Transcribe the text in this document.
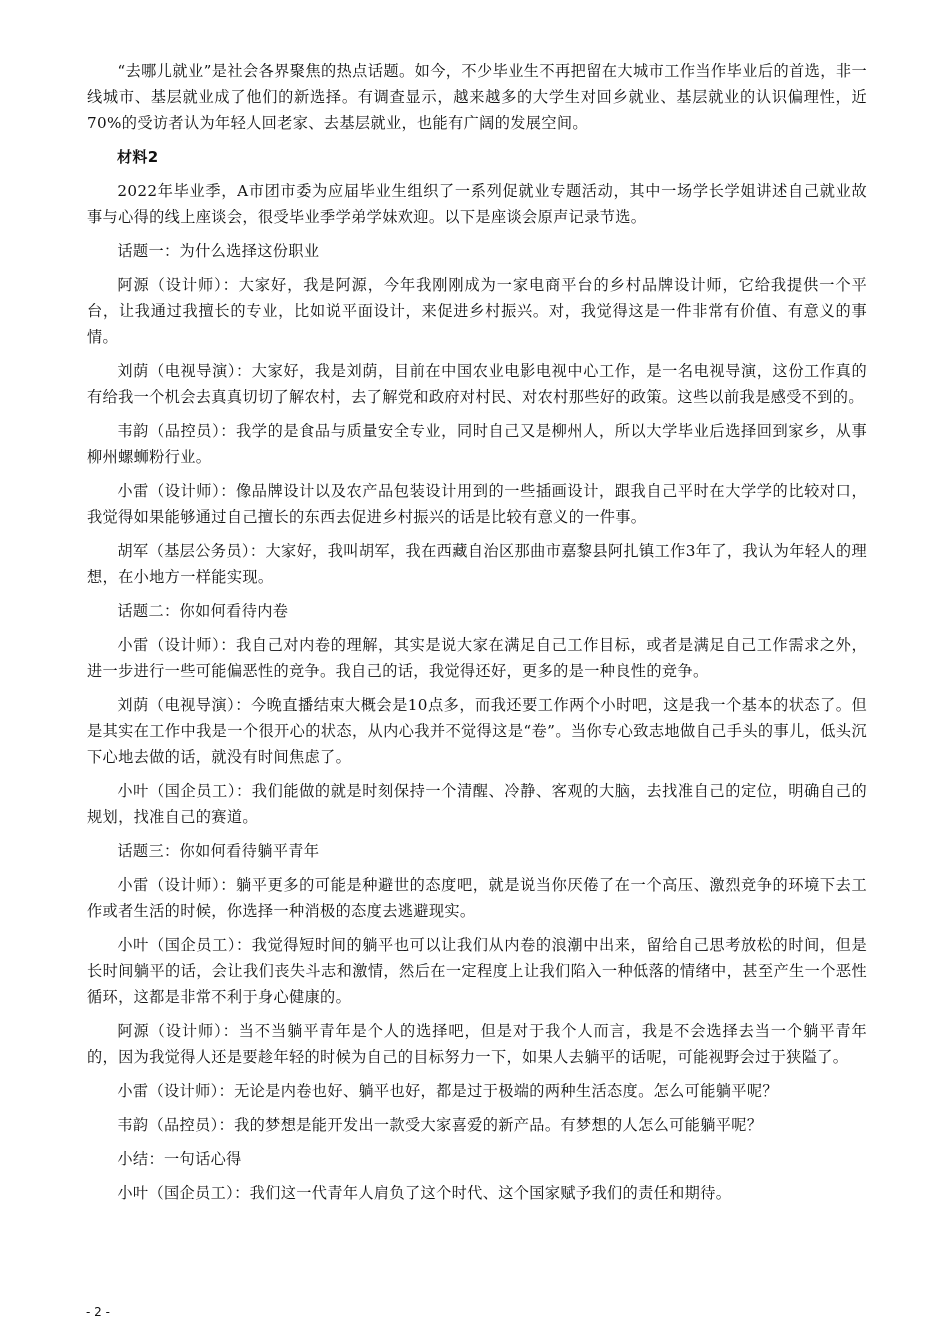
“去哪儿就业”是社会各界聚焦的热点话题。如今，不少毕业生不再把留在大城市工作当作毕业后的首选，非一线城市、基层就业成了他们的新选择。有调查显示，越来越多的大学生对回乡就业、基层就业的认识偏理性，近70%的受访者认为年轻人回老家、去基层就业，也能有广阔的发展空间。

材料2

2022年毕业季，A市团市委为应届毕业生组织了一系列促就业专题活动，其中一场学长学姐讲述自己就业故事与心得的线上座谈会，很受毕业季学弟学妹欢迎。以下是座谈会原声记录节选。

话题一：为什么选择这份职业

阿源（设计师）：大家好，我是阿源，今年我刚刚成为一家电商平台的乡村品牌设计师，它给我提供一个平台，让我通过我擅长的专业，比如说平面设计，来促进乡村振兴。对，我觉得这是一件非常有价值、有意义的事情。

刘荫（电视导演）：大家好，我是刘荫，目前在中国农业电影电视中心工作，是一名电视导演，这份工作真的有给我一个机会去真真切切了解农村，去了解党和政府对村民、对农村那些好的政策。这些以前我是感受不到的。

韦韵（品控员）：我学的是食品与质量安全专业，同时自己又是柳州人，所以大学毕业后选择回到家乡，从事柳州螺蛳粉行业。

小雷（设计师）：像品牌设计以及农产品包装设计用到的一些插画设计，跟我自己平时在大学学的比较对口，我觉得如果能够通过自己擅长的东西去促进乡村振兴的话是比较有意义的一件事。

胡军（基层公务员）：大家好，我叫胡军，我在西藏自治区那曲市嘉黎县阿扎镇工作3年了，我认为年轻人的理想，在小地方一样能实现。

话题二：你如何看待内卷

小雷（设计师）：我自己对内卷的理解，其实是说大家在满足自己工作目标，或者是满足自己工作需求之外，进一步进行一些可能偏恶性的竞争。我自己的话，我觉得还好，更多的是一种良性的竞争。

刘荫（电视导演）：今晚直播结束大概会是10点多，而我还要工作两个小时吧，这是我一个基本的状态了。但是其实在工作中我是一个很开心的状态，从内心我并不觉得这是“卷”。当你专心致志地做自己手头的事儿，低头沉下心地去做的话，就没有时间焦虑了。

小叶（国企员工）：我们能做的就是时刻保持一个清醒、冷静、客观的大脑，去找准自己的定位，明确自己的规划，找准自己的赛道。

话题三：你如何看待躺平青年

小雷（设计师）：躺平更多的可能是种避世的态度吧，就是说当你厌倦了在一个高压、激烈竞争的环境下去工作或者生活的时候，你选择一种消极的态度去逃避现实。

小叶（国企员工）：我觉得短时间的躺平也可以让我们从内卷的浪潮中出来，留给自己思考放松的时间，但是长时间躺平的话，会让我们丧失斗志和激情，然后在一定程度上让我们陷入一种低落的情绪中，甚至产生一个恶性循环，这都是非常不利于身心健康的。

阿源（设计师）：当不当躺平青年是个人的选择吧，但是对于我个人而言，我是不会选择去当一个躺平青年的，因为我觉得人还是要趁年轻的时候为自己的目标努力一下，如果人去躺平的话呢，可能视野会过于狭隘了。

小雷（设计师）：无论是内卷也好、躺平也好，都是过于极端的两种生活态度。怎么可能躺平呢？

韦韵（品控员）：我的梦想是能开发出一款受大家喜爱的新产品。有梦想的人怎么可能躺平呢？

小结：一句话心得

小叶（国企员工）：我们这一代青年人肩负了这个时代、这个国家赋予我们的责任和期待。

- 2 -
